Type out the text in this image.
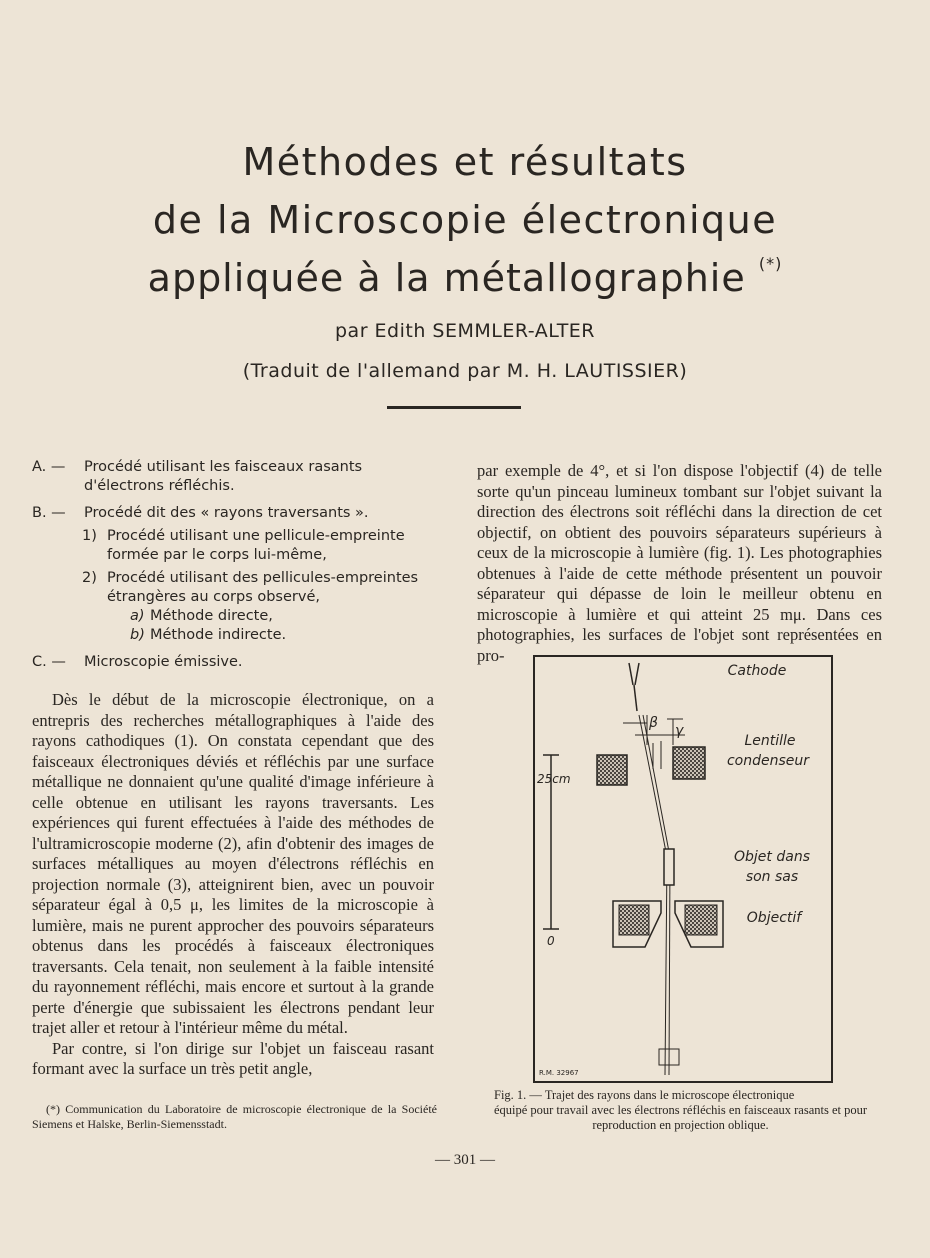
Méthodes et résultats
de la Microscopie électronique
appliquée à la métallographie (*)
par Edith SEMMLER-ALTER
(Traduit de l'allemand par M. H. LAUTISSIER)
A. — Procédé utilisant les faisceaux rasants d'électrons réfléchis.
B. — Procédé dit des « rayons traversants ».
1) Procédé utilisant une pellicule-empreinte formée par le corps lui-même,
2) Procédé utilisant des pellicules-empreintes étrangères au corps observé,
a) Méthode directe,
b) Méthode indirecte.
C. — Microscopie émissive.

Dès le début de la microscopie électronique, on a entrepris des recherches métallographiques à l'aide des rayons cathodiques (1). On constata cependant que des faisceaux électroniques déviés et réfléchis par une surface métallique ne donnaient qu'une qualité d'image inférieure à celle obtenue en utilisant les rayons traversants. Les expériences qui furent effectuées à l'aide des méthodes de l'ultramicroscopie moderne (2), afin d'obtenir des images de surfaces métalliques au moyen d'électrons réfléchis en projection normale (3), atteignirent bien, avec un pouvoir séparateur égal à 0,5 μ, les limites de la microscopie à lumière, mais ne purent approcher des pouvoirs séparateurs obtenus dans les procédés à faisceaux électroniques traversants. Cela tenait, non seulement à la faible intensité du rayonnement réfléchi, mais encore et surtout à la grande perte d'énergie que subissaient les électrons pendant leur trajet aller et retour à l'intérieur même du métal.

Par contre, si l'on dirige sur l'objet un faisceau rasant formant avec la surface un très petit angle,

(*) Communication du Laboratoire de microscopie électronique de la Société Siemens et Halske, Berlin-Siemensstadt.

par exemple de 4°, et si l'on dispose l'objectif (4) de telle sorte qu'un pinceau lumineux tombant sur l'objet suivant la direction des électrons soit réfléchi dans la direction de cet objectif, on obtient des pouvoirs séparateurs supérieurs à ceux de la microscopie à lumière (fig. 1). Les photographies obtenues à l'aide de cette méthode présentent un pouvoir séparateur qui dépasse de loin le meilleur obtenu en microscopie à lumière et qui atteint 25 mμ. Dans ces photographies, les surfaces de l'objet sont représentées en pro-

β γ
25cm
0
R.M. 32967
Cathode
Lentille
condenseur
Objet dans
son sas
Objectif
Fig. 1. — Trajet des rayons dans le microscope électronique
équipé pour travail avec les électrons réfléchis en faisceaux rasants et pour reproduction en projection oblique.
— 301 —
